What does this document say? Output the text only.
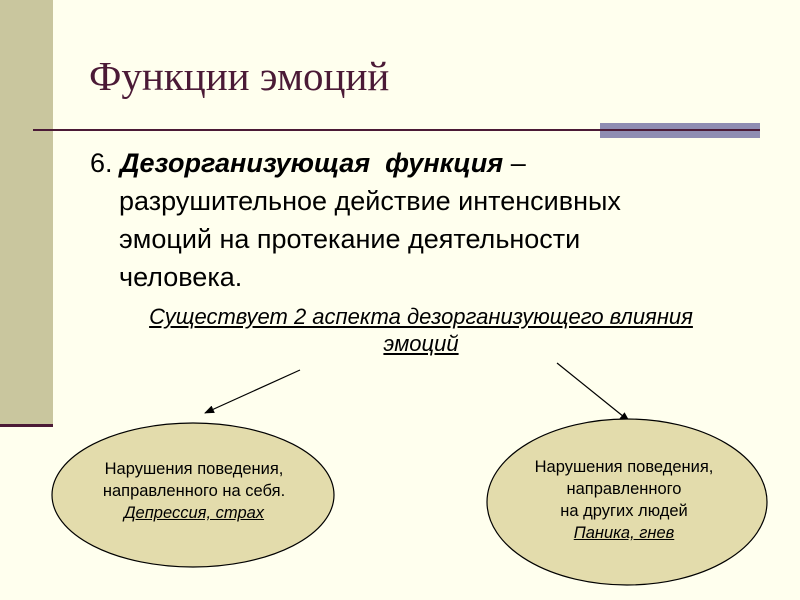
Функции эмоций
6. Дезорганизующая  функция –
разрушительное действие интенсивных
эмоций на протекание деятельности
человека.
Существует 2 аспекта дезорганизующего влияния
эмоций
Нарушения поведения,
направленного на себя.
Депрессия, страх
Нарушения поведения,
направленного
на других людей
Паника, гнев
